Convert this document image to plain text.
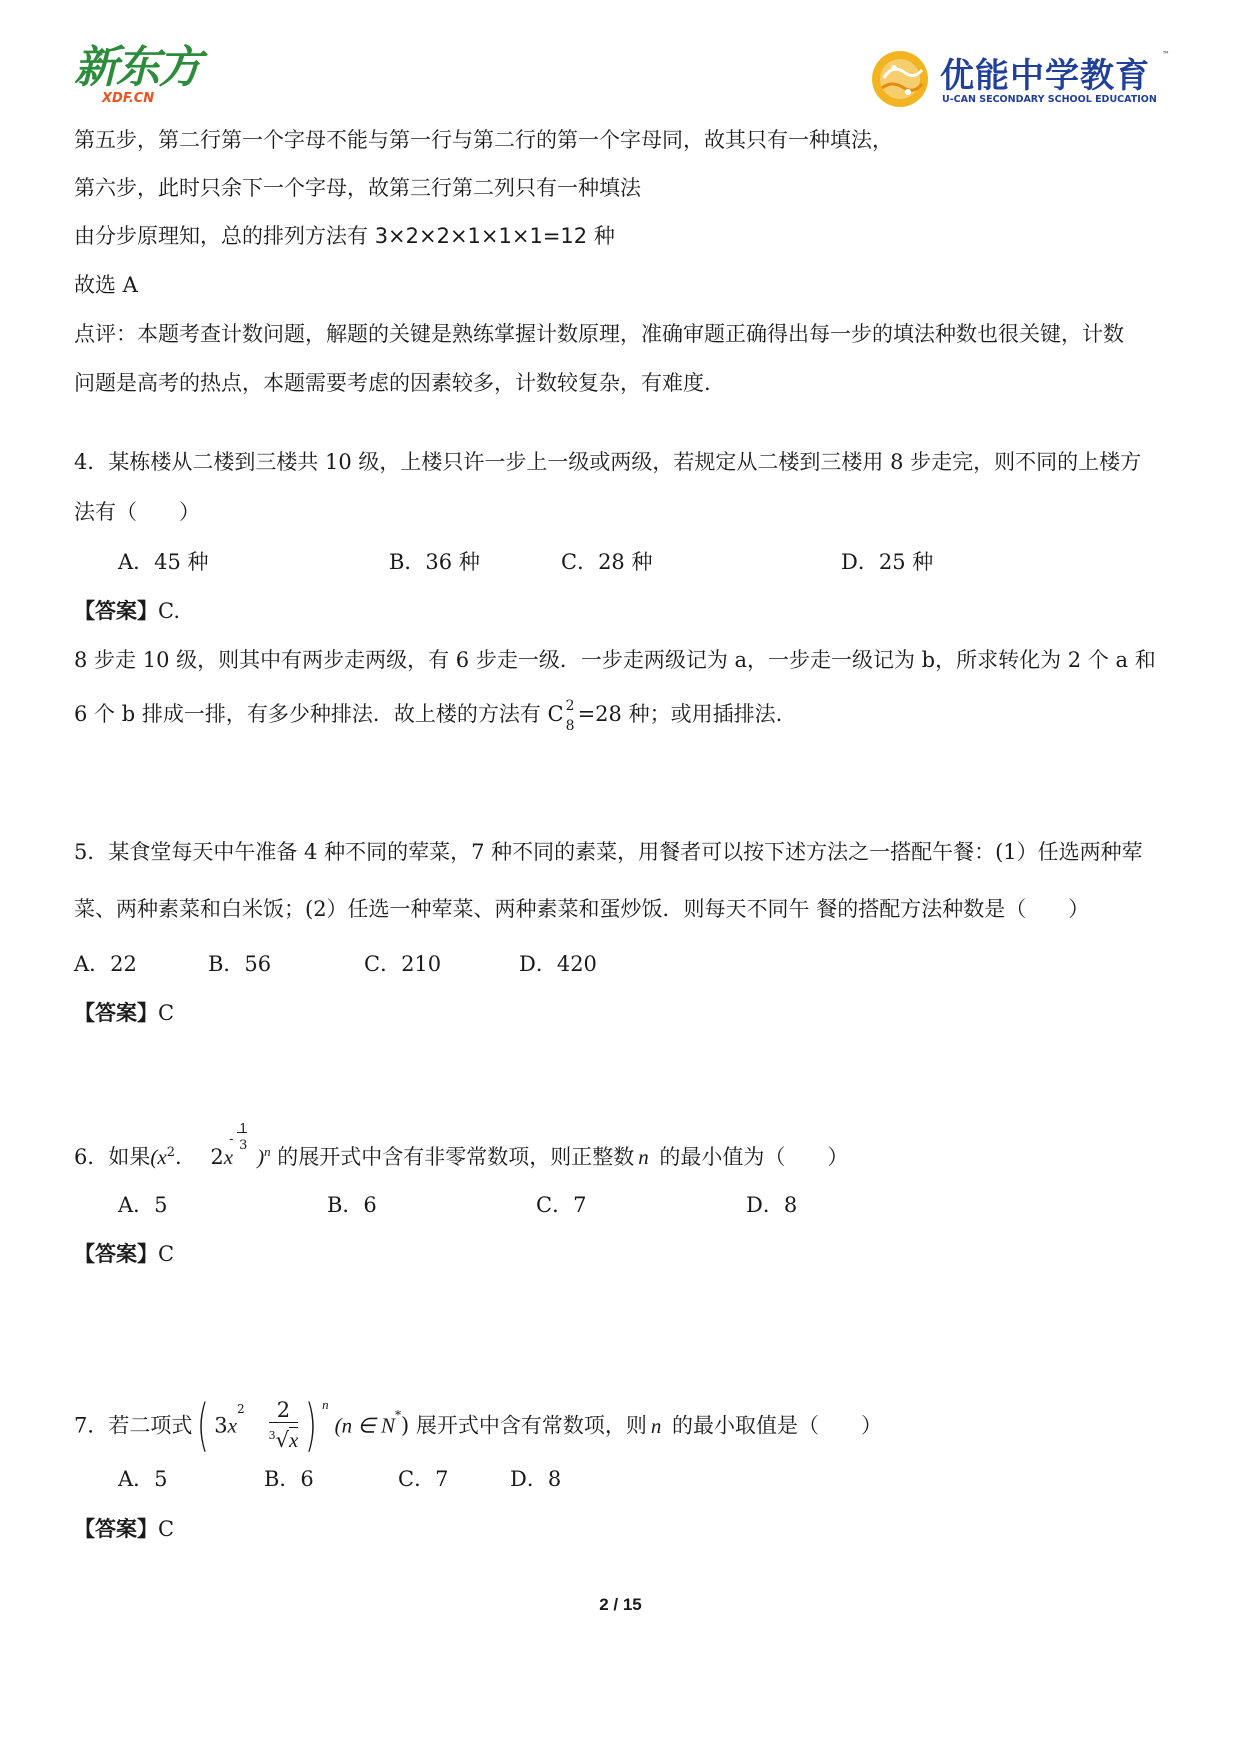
新东方
XDF.CN
优能中学教育
U-CAN SECONDARY SCHOOL EDUCATION
™
第五步，第二行第一个字母不能与第一行与第二行的第一个字母同，故其只有一种填法，
第六步，此时只余下一个字母，故第三行第二列只有一种填法
由分步原理知，总的排列方法有 3×2×2×1×1×1=12 种
故选 A
点评：本题考查计数问题，解题的关键是熟练掌握计数原理，准确审题正确得出每一步的填法种数也很关键，计数
问题是高考的热点，本题需要考虑的因素较多，计数较复杂，有难度.
4．某栋楼从二楼到三楼共 10 级，上楼只许一步上一级或两级，若规定从二楼到三楼用 8 步走完，则不同的上楼方
法有（　　）
A．45 种	B．36 种	C．28 种	D．25 种
【答案】C.
8 步走 10 级，则其中有两步走两级，有 6 步走一级．一步走两级记为 a，一步走一级记为 b，所求转化为 2 个 a 和
6 个 b 排成一排，有多少种排法．故上楼的方法有 C 2
8 =28 种；或用插排法.
5．某食堂每天中午准备 4 种不同的荤菜，7 种不同的素菜，用餐者可以按下述方法之一搭配午餐：(1）任选两种荤
菜、两种素菜和白米饭；(2）任选一种荤菜、两种素菜和蛋炒饭．则每天不同午 餐的搭配方法种数是（　　）
A．22	B．56	C．210	D．420
【答案】C
6．如果($x^2$. 2x
-
1
3 )$^n$ 的展开式中含有非零常数项，则正整数 n 的最小值为（　　）
A．5	B．6	C．7	D．8
【答案】C
7．若二项式( $3x^2 \frac{2}{^3√x}$ ) $^n$(n ∈ N*) 展开式中含有常数项，则 n 的最小取值是（　　）
A．5	B．6	C．7	D．8
【答案】C
2 / 15
